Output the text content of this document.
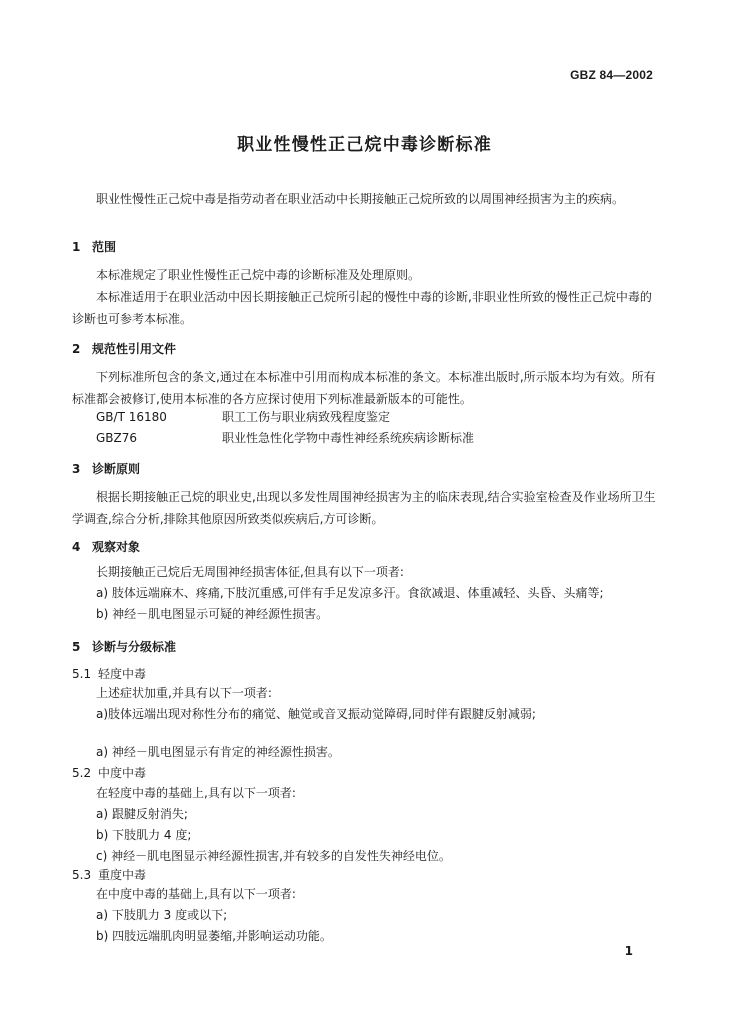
GBZ 84—2002
职业性慢性正己烷中毒诊断标准
职业性慢性正己烷中毒是指劳动者在职业活动中长期接触正己烷所致的以周围神经损害为主的疾病。
1 范围
本标准规定了职业性慢性正己烷中毒的诊断标准及处理原则。
本标准适用于在职业活动中因长期接触正己烷所引起的慢性中毒的诊断,非职业性所致的慢性正己烷中毒的诊断也可参考本标准。
2 规范性引用文件
下列标准所包含的条文,通过在本标准中引用而构成本标准的条文。本标准出版时,所示版本均为有效。所有标准都会被修订,使用本标准的各方应探讨使用下列标准最新版本的可能性。
GB/T 16180	职工工伤与职业病致残程度鉴定
GBZ76	职业性急性化学物中毒性神经系统疾病诊断标准
3 诊断原则
根据长期接触正己烷的职业史,出现以多发性周围神经损害为主的临床表现,结合实验室检查及作业场所卫生学调查,综合分析,排除其他原因所致类似疾病后,方可诊断。
4 观察对象
长期接触正己烷后无周围神经损害体征,但具有以下一项者:
a) 肢体远端麻木、疼痛,下肢沉重感,可伴有手足发凉多汗。食欲减退、体重减轻、头昏、头痛等;
b) 神经－肌电图显示可疑的神经源性损害。
5 诊断与分级标准
5.1 轻度中毒
上述症状加重,并具有以下一项者:
a)肢体远端出现对称性分布的痛觉、触觉或音叉振动觉障碍,同时伴有跟腱反射减弱;
a) 神经－肌电图显示有肯定的神经源性损害。
5.2 中度中毒
在轻度中毒的基础上,具有以下一项者:
a) 跟腱反射消失;
b) 下肢肌力 4 度;
c) 神经－肌电图显示神经源性损害,并有较多的自发性失神经电位。
5.3 重度中毒
在中度中毒的基础上,具有以下一项者:
a) 下肢肌力 3 度或以下;
b) 四肢远端肌肉明显萎缩,并影响运动功能。
1
